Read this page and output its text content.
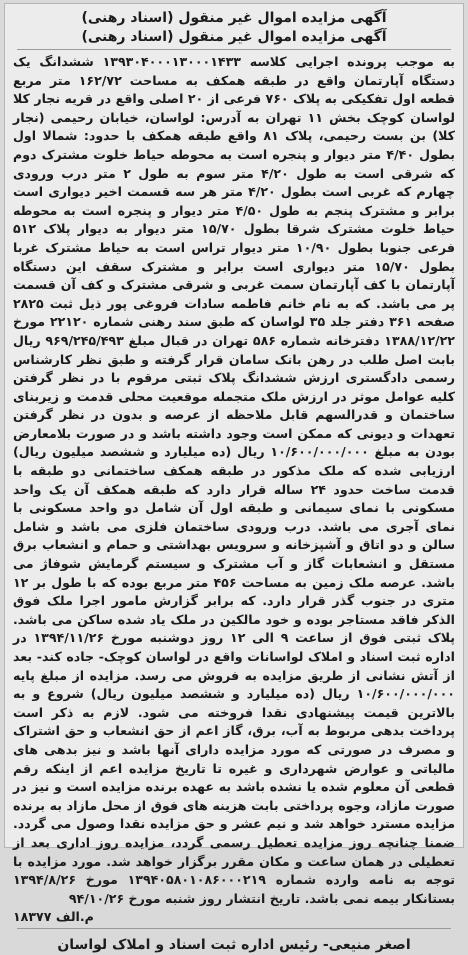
آگهی مزایده اموال غیر منقول (اسناد رهنی)
آگهی مزایده اموال غیر منقول (اسناد رهنی)

به موجب پرونده اجرایی کلاسه ۱۳۹۳۰۴۰۰۰۱۳۰۰۰۱۴۳۳ ششدانگ یک دستگاه آپارتمان واقع در طبقه همکف به مساحت ۱۶۲/۷۲ متر مربع قطعه اول تفکیکی به پلاک ۷۶۰ فرعی از ۲۰ اصلی واقع در قریه نجار کلا لواسان کوچک بخش ۱۱ تهران به آدرس: لواسان، خیابان رحیمی (نجار کلا) بن بست رحیمی، پلاک ۸۱ واقع طبقه همکف با حدود: شمالا اول بطول ۴/۴۰ متر دیوار و پنجره است به محوطه حیاط خلوت مشترک دوم که شرقی است به طول ۴/۲۰ متر سوم به طول ۲ متر درب ورودی چهارم که غربی است بطول ۴/۲۰ متر هر سه قسمت اخیر دیواری است برابر و مشترک پنجم به طول ۴/۵۰ متر دیوار و پنجره است به محوطه حیاط خلوت مشترک شرقا بطول ۱۵/۷۰ متر دیوار به دیوار پلاک ۵۱۲ فرعی جنوبا بطول ۱۰/۹۰ متر دیوار تراس است به حیاط مشترک غربا بطول ۱۵/۷۰ متر دیواری است برابر و مشترک سقف این دستگاه آپارتمان با کف آپارتمان سمت غربی و شرقی مشترک و کف آن قسمت پر می باشد. که به نام خانم فاطمه سادات فروغی پور ذیل ثبت ۲۸۲۵ صفحه ۳۶۱ دفتر جلد ۳۵ لواسان که طبق سند رهنی شماره ۲۲۱۲۰ مورخ ۱۳۸۸/۱۲/۲۲ دفترخانه شماره ۵۸۶ تهران در قبال مبلغ ۹۶۹/۲۴۵/۴۹۳ ریال بابت اصل طلب در رهن بانک سامان قرار گرفته و طبق نظر کارشناس رسمی دادگستری ارزش ششدانگ پلاک ثبتی مرقوم با در نظر گرفتن کلیه عوامل موثر در ارزش ملک متجمله موقعیت محلی قدمت و زیربنای ساختمان و قدرالسهم قابل ملاحظه از عرصه و بدون در نظر گرفتن تعهدات و دیونی که ممکن است وجود داشته باشد و در صورت بلامعارض بودن به مبلغ ۱۰/۶۰۰/۰۰۰/۰۰۰ ریال (ده میلیارد و ششصد میلیون ریال) ارزیابی شده که ملک مذکور در طبقه همکف ساختمانی دو طبقه با قدمت ساخت حدود ۲۴ ساله قرار دارد که طبقه همکف آن یک واحد مسکونی با نمای سیمانی و طبقه اول آن شامل دو واحد مسکونی با نمای آجری می باشد. درب ورودی ساختمان فلزی می باشد و شامل سالن و دو اتاق و آشپزخانه و سرویس بهداشتی و حمام و انشعاب برق مستقل و انشعابات گاز و آب مشترک و سیستم گرمایش شوفاژ می باشد. عرصه ملک زمین به مساحت ۴۵۶ متر مربع بوده که با طول بر ۱۲ متری در جنوب گذر قرار دارد. که برابر گزارش مامور اجرا ملک فوق الذکر فاقد مستاجر بوده و خود مالکین در ملک یاد شده ساکن می باشد. پلاک ثبتی فوق از ساعت ۹ الی ۱۲ روز دوشنبه مورخ ۱۳۹۴/۱۱/۲۶ در اداره ثبت اسناد و املاک لواسانات واقع در لواسان کوچک- جاده کند- بعد از آتش نشانی از طریق مزایده به فروش می رسد. مزایده از مبلغ پایه ۱۰/۶۰۰/۰۰۰/۰۰۰ ریال (ده میلیارد و ششصد میلیون ریال) شروع و به بالاترین قیمت پیشنهادی نقدا فروخته می شود. لازم به ذکر است پرداخت بدهی مربوط به آب، برق، گاز اعم از حق انشعاب و حق اشتراک و مصرف در صورتی که مورد مزایده دارای آنها باشد و نیز بدهی های مالیاتی و عوارض شهرداری و غیره تا تاریخ مزایده اعم از اینکه رقم قطعی آن معلوم شده یا نشده باشد به عهده برنده مزایده است و نیز در صورت مازاد، وجوه پرداختی بابت هزینه های فوق از محل مازاد به برنده مزایده مسترد خواهد شد و نیم عشر و حق مزایده نقدا وصول می گردد. ضمنا چنانچه روز مزایده تعطیل رسمی گردد، مزایده روز اداری بعد از تعطیلی در همان ساعت و مکان مقرر برگزار خواهد شد. مورد مزایده با توجه به نامه وارده شماره ۱۳۹۴۰۵۸۰۱۰۸۶۰۰۰۲۱۹ مورخ ۱۳۹۴/۸/۲۶ بستانکار بیمه نمی باشد. تاریخ انتشار روز شنبه مورخ ۹۴/۱۰/۲۶

م.الف ۱۸۳۷۷

اصغر منیعی- رئیس اداره ثبت اسناد و املاک لواسان
